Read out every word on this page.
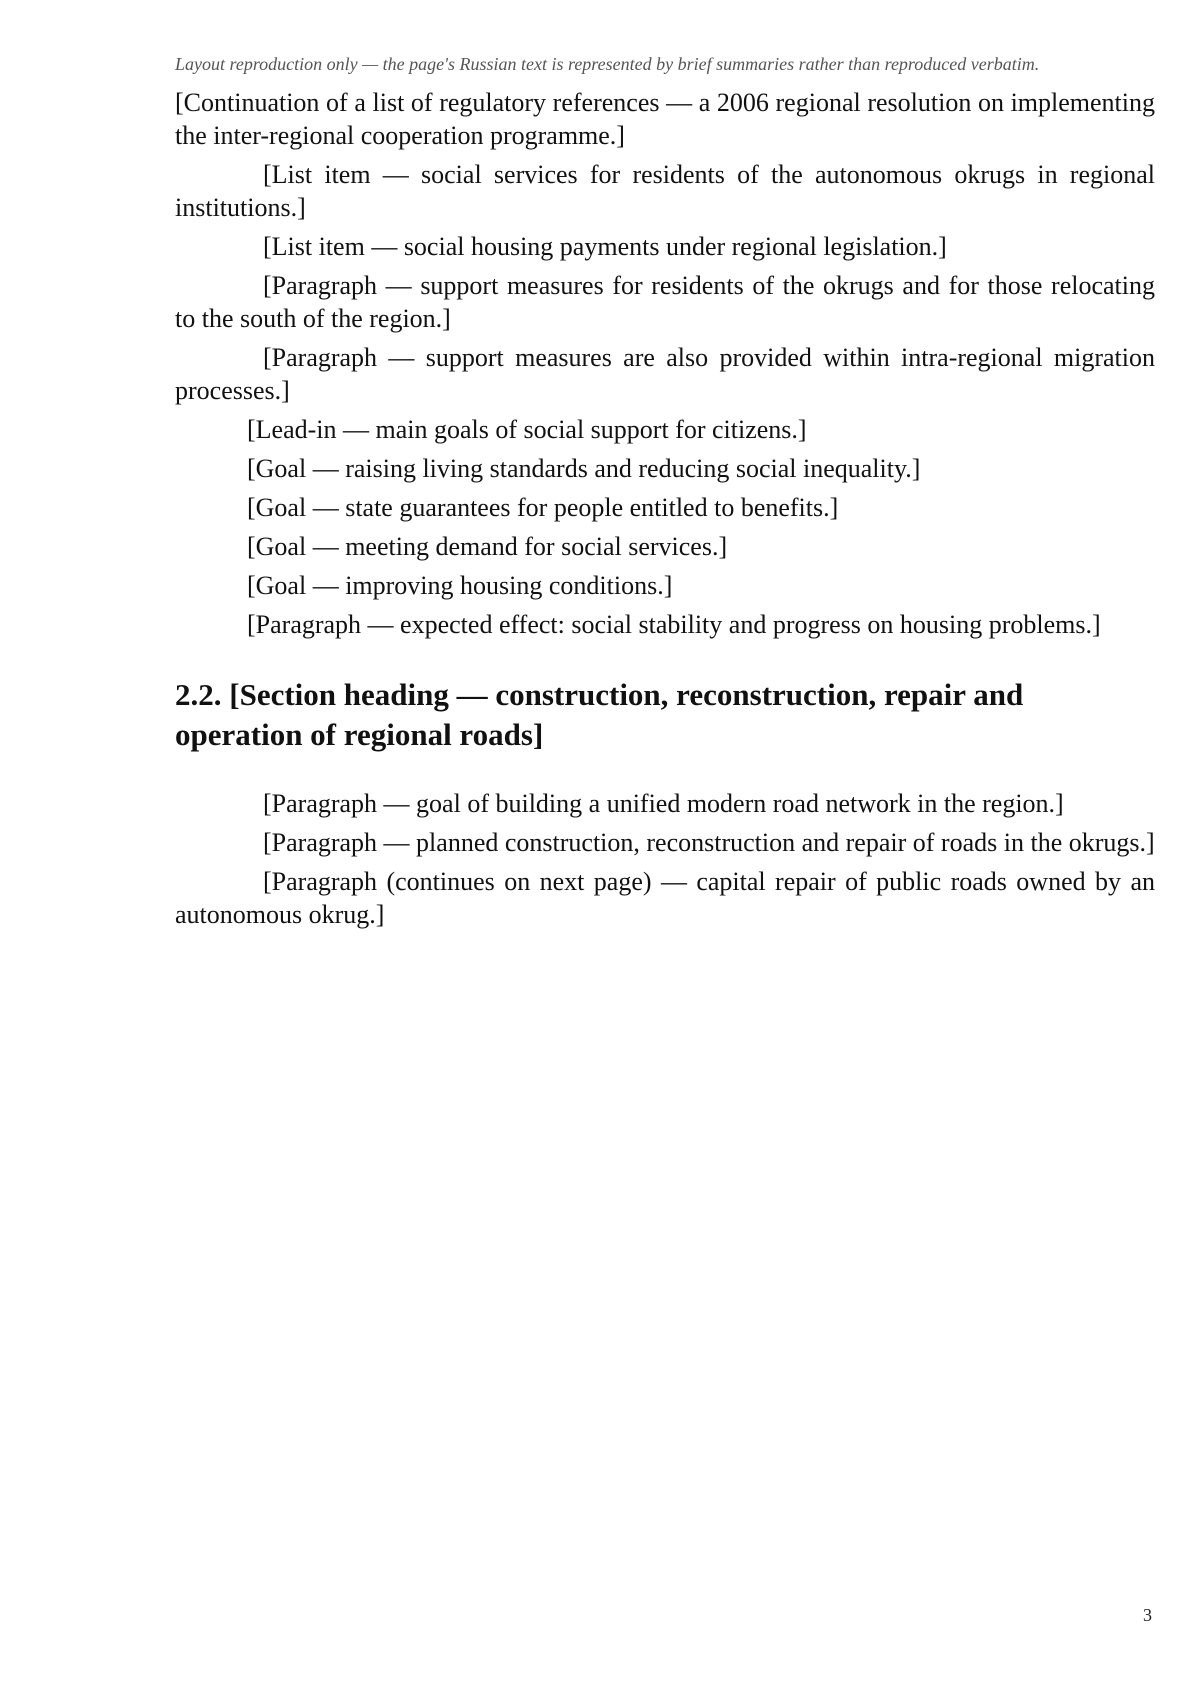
Layout reproduction only — the page's Russian text is represented by brief summaries rather than reproduced verbatim.

[Continuation of a list of regulatory references — a 2006 regional resolution on implementing the inter-regional cooperation programme.]

[List item — social services for residents of the autonomous okrugs in regional institutions.]

[List item — social housing payments under regional legislation.]

[Paragraph — support measures for residents of the okrugs and for those relocating to the south of the region.]

[Paragraph — support measures are also provided within intra-regional migration processes.]

[Lead-in — main goals of social support for citizens.]

[Goal — raising living standards and reducing social inequality.]

[Goal — state guarantees for people entitled to benefits.]

[Goal — meeting demand for social services.]

[Goal — improving housing conditions.]

[Paragraph — expected effect: social stability and progress on housing problems.]

2.2. [Section heading — construction, reconstruction, repair and operation of regional roads]

[Paragraph — goal of building a unified modern road network in the region.]

[Paragraph — planned construction, reconstruction and repair of roads in the okrugs.]

[Paragraph (continues on next page) — capital repair of public roads owned by an autonomous okrug.]

3
